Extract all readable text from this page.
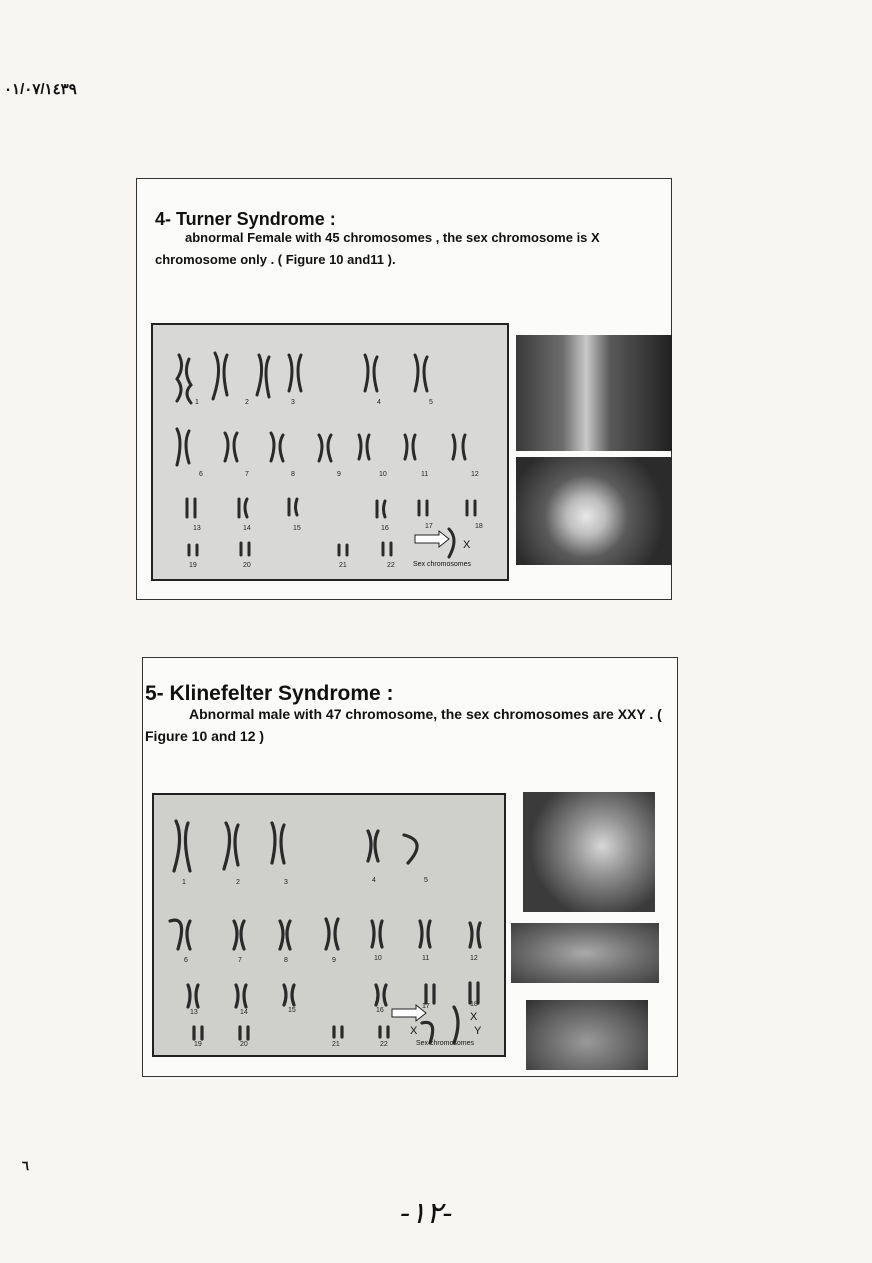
٠١/٠٧/١٤٣٩
٦
4- Turner Syndrome :
abnormal Female with 45 chromosomes , the sex chromosome is X chromosome only . ( Figure 10 and11 ).
1	2	3	4	5
6	7	8	9	10	11	12
13	14	15	16	17	18
19	20	21	22	Sex chromosomes
X
5- Klinefelter Syndrome :
Abnormal male with 47 chromosome, the sex chromosomes are XXY . ( Figure 10 and 12 )
1	2	3	4	5
6	7	8	9	10	11	12
13	14	15	16
17	18
19	20	21	22	Sex chromosomes
X
X
Y
-١٢-
